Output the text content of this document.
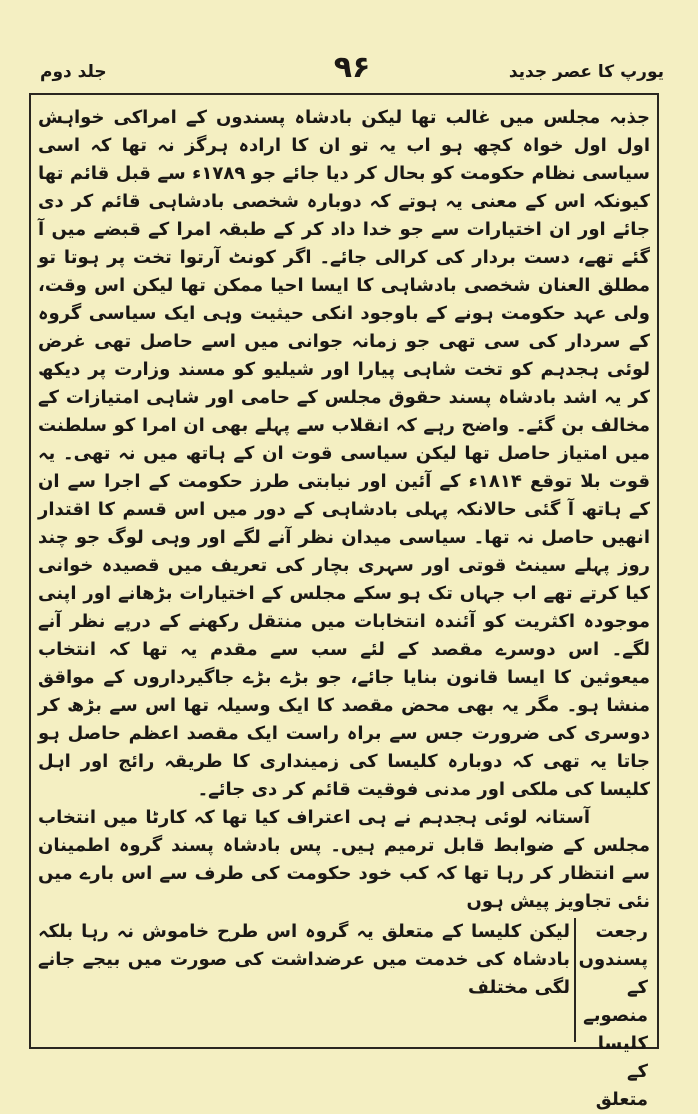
یورپ کا عصر جدید
۹۶
جلد دوم

جذبہ مجلس میں غالب تھا لیکن بادشاہ پسندوں کے امراکی خواہش اول اول خواہ کچھ ہو اب یہ تو ان کا ارادہ ہرگز نہ تھا کہ اسی سیاسی نظام حکومت کو بحال کر دیا جائے جو ۱۷۸۹ء سے قبل قائم تھا کیونکہ اس کے معنی یہ ہوتے کہ دوبارہ شخصی بادشاہی قائم کر دی جائے اور ان اختیارات سے جو خدا داد کر کے طبقہ امرا کے قبضے میں آ گئے تھے، دست بردار کی کرالی جائے۔ اگر کونٹ آرتوا تخت پر ہوتا تو مطلق العنان شخصی بادشاہی کا ایسا احیا ممکن تھا لیکن اس وقت، ولی عہد حکومت ہونے کے باوجود انکی حیثیت وہی ایک سیاسی گروہ کے سردار کی سی تھی جو زمانہ جوانی میں اسے حاصل تھی غرض لوئی ہجدہم کو تخت شاہی پیارا اور شیلیو کو مسند وزارت پر دیکھ کر یہ اشد بادشاہ پسند حقوق مجلس کے حامی اور شاہی امتیازات کے مخالف بن گئے۔ واضح رہے کہ انقلاب سے پہلے بھی ان امرا کو سلطنت میں امتیاز حاصل تھا لیکن سیاسی قوت ان کے ہاتھ میں نہ تھی۔ یہ قوت بلا توقع ۱۸۱۴ء کے آئین اور نیابتی طرز حکومت کے اجرا سے ان کے ہاتھ آ گئی حالانکہ پہلی بادشاہی کے دور میں اس قسم کا اقتدار انھیں حاصل نہ تھا۔ سیاسی میدان نظر آنے لگے اور وہی لوگ جو چند روز پہلے سینٹ قوتی اور سہری بچار کی تعریف میں قصیدہ خوانی کیا کرتے تھے اب جہاں تک ہو سکے مجلس کے اختیارات بڑھانے اور اپنی موجودہ اکثریت کو آئندہ انتخابات میں منتقل رکھنے کے درپے نظر آنے لگے۔ اس دوسرے مقصد کے لئے سب سے مقدم یہ تھا کہ انتخاب میعوثین کا ایسا قانون بنایا جائے، جو بڑے بڑے جاگیرداروں کے مواقق منشا ہو۔ مگر یہ بھی محض مقصد کا ایک وسیلہ تھا اس سے بڑھ کر دوسری کی ضرورت جس سے براہ راست ایک مقصد اعظم حاصل ہو جاتا یہ تھی کہ دوبارہ کلیسا کی زمینداری کا طریقہ رائج اور اہل کلیسا کی ملکی اور مدنی فوقیت قائم کر دی جائے۔

آستانہ لوئی ہجدہم نے ہی اعتراف کیا تھا کہ کارٹا میں انتخاب مجلس کے ضوابط قابل ترمیم ہیں۔ پس بادشاہ پسند گروہ اطمینان سے انتظار کر رہا تھا کہ کب خود حکومت کی طرف سے اس بارے میں نئی تجاویز پیش ہوں

رجعت پسندوں کے منصوبے کلیسا کے متعلق
لیکن کلیسا کے متعلق یہ گروہ اس طرح خاموش نہ رہا بلکہ بادشاہ کی خدمت میں عرضداشت کی صورت میں بیجے جانے لگی مختلف
